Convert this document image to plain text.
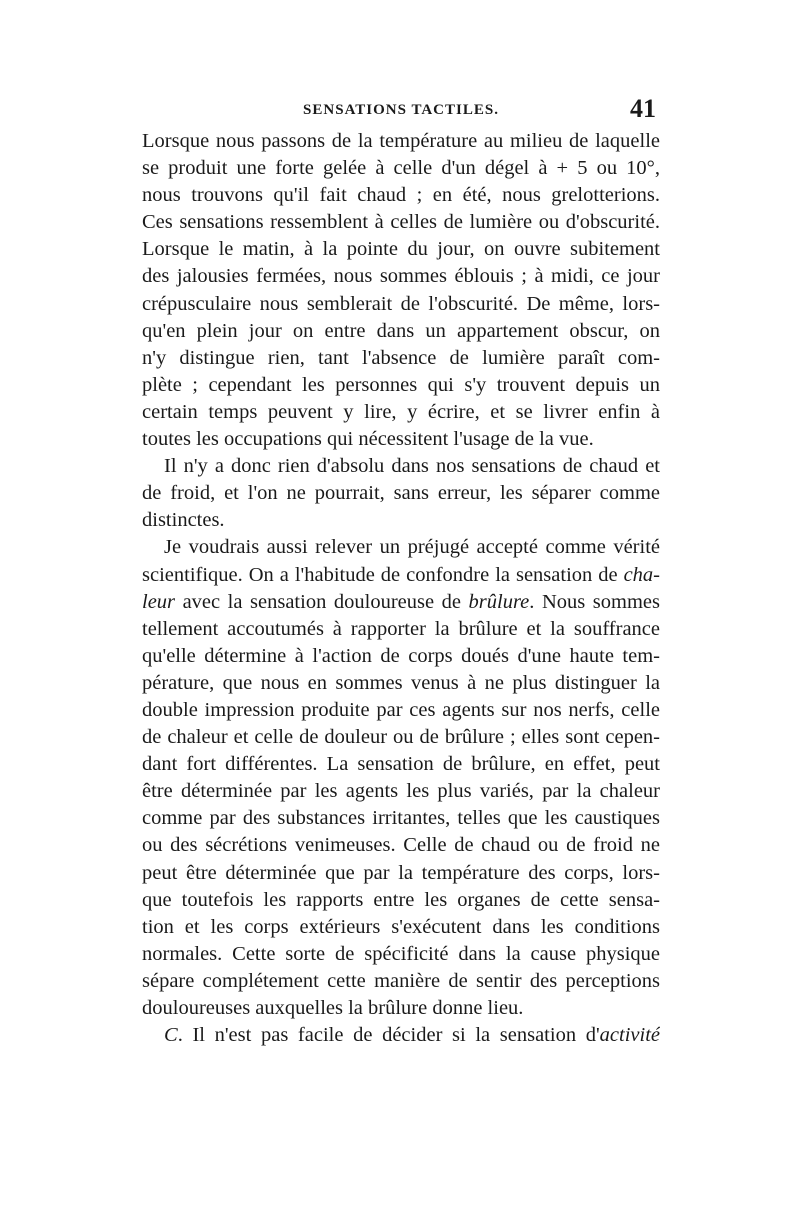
SENSATIONS TACTILES.	41
Lorsque nous passons de la température au milieu de laquelle
se produit une forte gelée à celle d'un dégel à + 5 ou 10°,
nous trouvons qu'il fait chaud ; en été, nous grelotterions.
Ces sensations ressemblent à celles de lumière ou d'obscurité.
Lorsque le matin, à la pointe du jour, on ouvre subitement
des jalousies fermées, nous sommes éblouis ; à midi, ce jour
crépusculaire nous semblerait de l'obscurité. De même, lors-
qu'en plein jour on entre dans un appartement obscur, on
n'y distingue rien, tant l'absence de lumière paraît com-
plète ; cependant les personnes qui s'y trouvent depuis un
certain temps peuvent y lire, y écrire, et se livrer enfin à
toutes les occupations qui nécessitent l'usage de la vue.
Il n'y a donc rien d'absolu dans nos sensations de chaud et
de froid, et l'on ne pourrait, sans erreur, les séparer comme
distinctes.
Je voudrais aussi relever un préjugé accepté comme vérité
scientifique. On a l'habitude de confondre la sensation de cha-
leur avec la sensation douloureuse de brûlure. Nous sommes
tellement accoutumés à rapporter la brûlure et la souffrance
qu'elle détermine à l'action de corps doués d'une haute tem-
pérature, que nous en sommes venus à ne plus distinguer la
double impression produite par ces agents sur nos nerfs, celle
de chaleur et celle de douleur ou de brûlure ; elles sont cepen-
dant fort différentes. La sensation de brûlure, en effet, peut
être déterminée par les agents les plus variés, par la chaleur
comme par des substances irritantes, telles que les caustiques
ou des sécrétions venimeuses. Celle de chaud ou de froid ne
peut être déterminée que par la température des corps, lors-
que toutefois les rapports entre les organes de cette sensa-
tion et les corps extérieurs s'exécutent dans les conditions
normales. Cette sorte de spécificité dans la cause physique
sépare complétement cette manière de sentir des perceptions
douloureuses auxquelles la brûlure donne lieu.
C. Il n'est pas facile de décider si la sensation d'activité
